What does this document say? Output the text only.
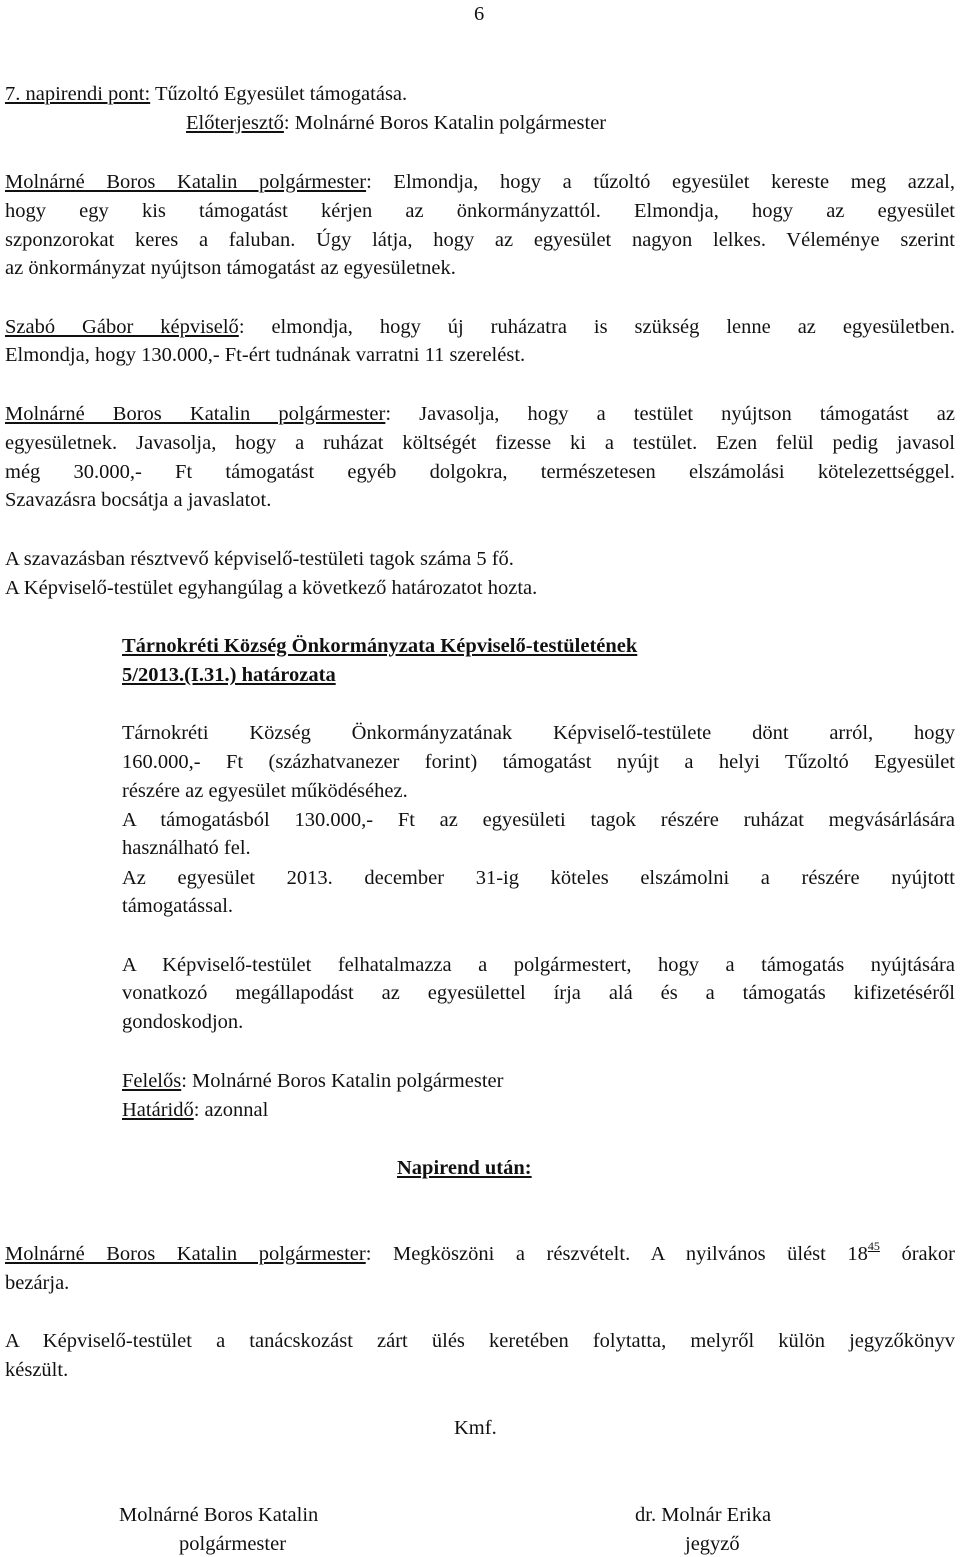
6
7. napirendi pont: Tűzoltó Egyesület támogatása.
Előterjesztő: Molnárné Boros Katalin polgármester
Molnárné Boros Katalin polgármester: Elmondja, hogy a tűzoltó egyesület kereste meg azzal,
hogy egy kis támogatást kérjen az önkormányzattól. Elmondja, hogy az egyesület
szponzorokat keres a faluban. Úgy látja, hogy az egyesület nagyon lelkes. Véleménye szerint
az önkormányzat nyújtson támogatást az egyesületnek.
Szabó Gábor képviselő: elmondja, hogy új ruházatra is szükség lenne az egyesületben.
Elmondja, hogy 130.000,- Ft-ért tudnának varratni 11 szerelést.
Molnárné Boros Katalin polgármester: Javasolja, hogy a testület nyújtson támogatást az
egyesületnek. Javasolja, hogy a ruházat költségét fizesse ki a testület. Ezen felül pedig javasol
még 30.000,- Ft támogatást egyéb dolgokra, természetesen elszámolási kötelezettséggel.
Szavazásra bocsátja a javaslatot.
A szavazásban résztvevő képviselő-testületi tagok száma 5 fő.
A Képviselő-testület egyhangúlag a következő határozatot hozta.
Tárnokréti Község Önkormányzata Képviselő-testületének
5/2013.(I.31.) határozata
Tárnokréti Község Önkormányzatának Képviselő-testülete dönt arról, hogy
160.000,- Ft (százhatvanezer forint) támogatást nyújt a helyi Tűzoltó Egyesület
részére az egyesület működéséhez.
A támogatásból 130.000,- Ft az egyesületi tagok részére ruházat megvásárlására
használható fel.
Az egyesület 2013. december 31-ig köteles elszámolni a részére nyújtott
támogatással.
A Képviselő-testület felhatalmazza a polgármestert, hogy a támogatás nyújtására
vonatkozó megállapodást az egyesülettel írja alá és a támogatás kifizetéséről
gondoskodjon.
Felelős: Molnárné Boros Katalin polgármester
Határidő: azonnal
Napirend után:
Molnárné Boros Katalin polgármester: Megköszöni a részvételt. A nyilvános ülést $18^{45}$ órakor
bezárja.
A Képviselő-testület a tanácskozást zárt ülés keretében folytatta, melyről külön jegyzőkönyv
készült.
Kmf.
Molnárné Boros Katalin
polgármester
dr. Molnár Erika
jegyző
